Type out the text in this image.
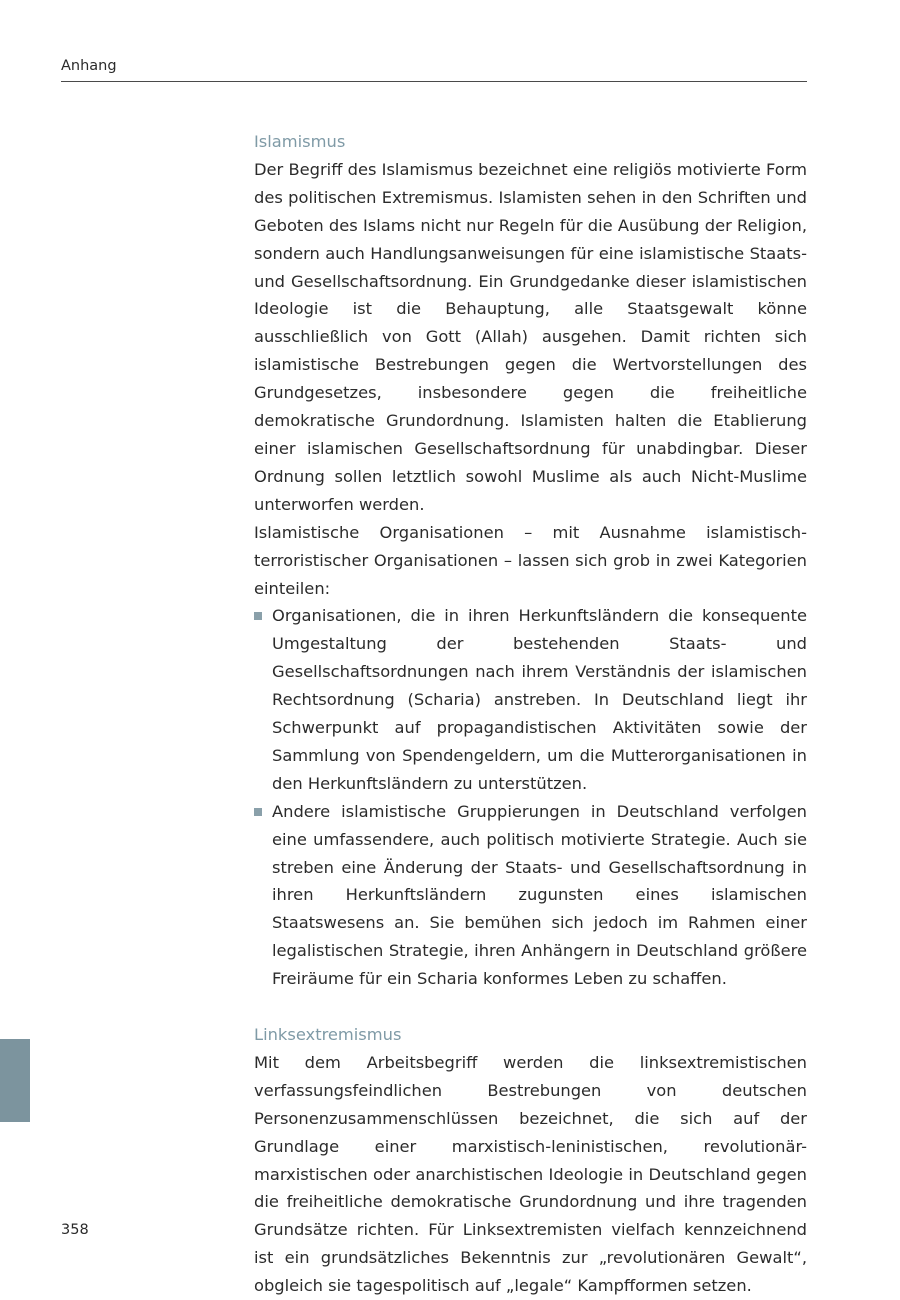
Anhang
Islamismus

Der Begriff des Islamismus bezeichnet eine religiös motivierte Form des politischen Extremismus. Islamisten sehen in den Schriften und Geboten des Islams nicht nur Regeln für die Ausübung der Religion, sondern auch Handlungsanweisungen für eine islamistische Staats- und Gesellschaftsordnung. Ein Grundgedanke dieser islamistischen Ideologie ist die Behauptung, alle Staatsgewalt könne ausschließlich von Gott (Allah) ausgehen. Damit richten sich islamistische Bestrebungen gegen die Wertvorstellungen des Grundgesetzes, insbesondere gegen die freiheitliche demokratische Grundordnung. Islamisten halten die Etablierung einer islamischen Gesellschaftsordnung für unabdingbar. Dieser Ordnung sollen letztlich sowohl Muslime als auch Nicht-Muslime unterworfen werden.

Islamistische Organisationen – mit Ausnahme islamistisch-terroristischer Organisationen – lassen sich grob in zwei Kategorien einteilen:

Organisationen, die in ihren Herkunftsländern die konsequente Umgestaltung der bestehenden Staats- und Gesellschaftsordnungen nach ihrem Verständnis der islamischen Rechtsordnung (Scharia) anstreben. In Deutschland liegt ihr Schwerpunkt auf propagandistischen Aktivitäten sowie der Sammlung von Spendengeldern, um die Mutterorganisationen in den Herkunftsländern zu unterstützen.
Andere islamistische Gruppierungen in Deutschland verfolgen eine umfassendere, auch politisch motivierte Strategie. Auch sie streben eine Änderung der Staats- und Gesellschaftsordnung in ihren Herkunftsländern zugunsten eines islamischen Staatswesens an. Sie bemühen sich jedoch im Rahmen einer legalistischen Strategie, ihren Anhängern in Deutschland größere Freiräume für ein Scharia konformes Leben zu schaffen.
Linksextremismus

Mit dem Arbeitsbegriff werden die linksextremistischen verfassungsfeindlichen Bestrebungen von deutschen Personenzusammenschlüssen bezeichnet, die sich auf der Grundlage einer marxistisch-leninistischen, revolutionär-marxistischen oder anarchistischen Ideologie in Deutschland gegen die freiheitliche demokratische Grundordnung und ihre tragenden Grundsätze richten. Für Linksextremisten vielfach kennzeichnend ist ein grundsätzliches Bekenntnis zur „revolutionären Gewalt“, obgleich sie tagespolitisch auf „legale“ Kampfformen setzen.

358
